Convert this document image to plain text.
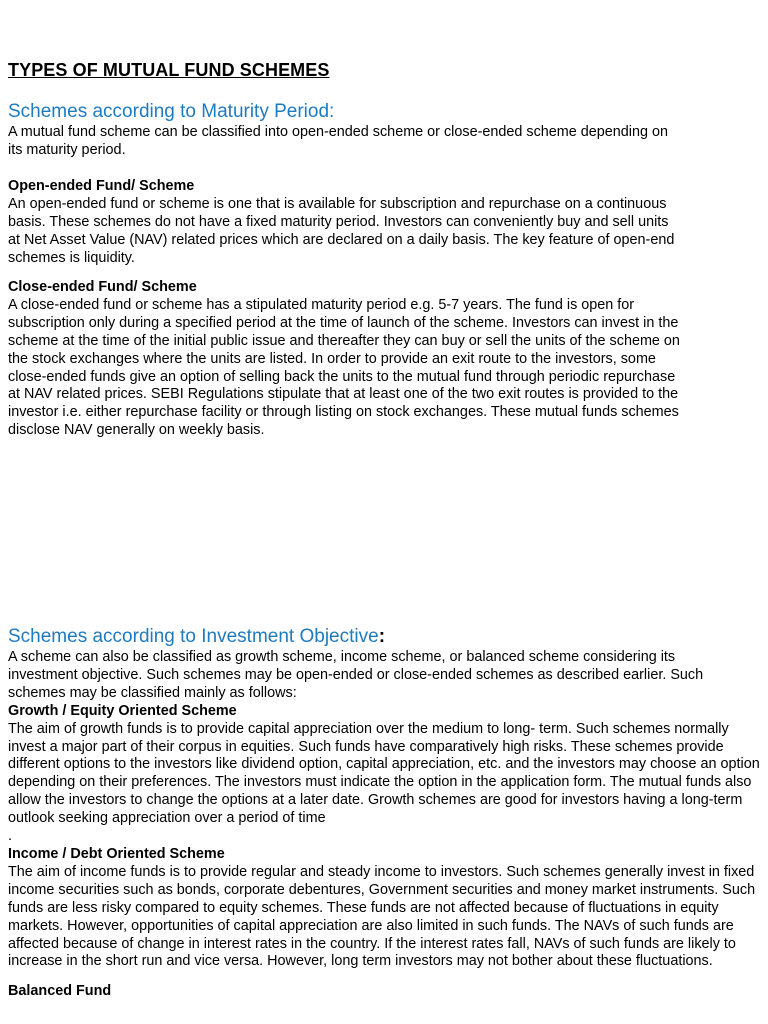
TYPES OF MUTUAL FUND SCHEMES
Schemes according to Maturity Period:

A mutual fund scheme can be classified into open-ended scheme or close-ended scheme depending on its maturity period.

Open-ended Fund/ Scheme

An open-ended fund or scheme is one that is available for subscription and repurchase on a continuous basis. These schemes do not have a fixed maturity period. Investors can conveniently buy and sell units at Net Asset Value (NAV) related prices which are declared on a daily basis. The key feature of open-end schemes is liquidity.

Close-ended Fund/ Scheme

A close-ended fund or scheme has a stipulated maturity period e.g. 5-7 years. The fund is open for subscription only during a specified period at the time of launch of the scheme. Investors can invest in the scheme at the time of the initial public issue and thereafter they can buy or sell the units of the scheme on the stock exchanges where the units are listed. In order to provide an exit route to the investors, some close-ended funds give an option of selling back the units to the mutual fund through periodic repurchase at NAV related prices. SEBI Regulations stipulate that at least one of the two exit routes is provided to the investor i.e. either repurchase facility or through listing on stock exchanges. These mutual funds schemes disclose NAV generally on weekly basis.

Schemes according to Investment Objective:

A scheme can also be classified as growth scheme, income scheme, or balanced scheme considering its investment objective. Such schemes may be open-ended or close-ended schemes as described earlier. Such schemes may be classified mainly as follows:

Growth / Equity Oriented Scheme

The aim of growth funds is to provide capital appreciation over the medium to long- term. Such schemes normally invest a major part of their corpus in equities. Such funds have comparatively high risks. These schemes provide different options to the investors like dividend option, capital appreciation, etc. and the investors may choose an option depending on their preferences. The investors must indicate the option in the application form. The mutual funds also allow the investors to change the options at a later date. Growth schemes are good for investors having a long-term outlook seeking appreciation over a period of time

.

Income / Debt Oriented Scheme

The aim of income funds is to provide regular and steady income to investors. Such schemes generally invest in fixed income securities such as bonds, corporate debentures, Government securities and money market instruments. Such funds are less risky compared to equity schemes. These funds are not affected because of fluctuations in equity markets. However, opportunities of capital appreciation are also limited in such funds. The NAVs of such funds are affected because of change in interest rates in the country. If the interest rates fall, NAVs of such funds are likely to increase in the short run and vice versa. However, long term investors may not bother about these fluctuations.

Balanced Fund
